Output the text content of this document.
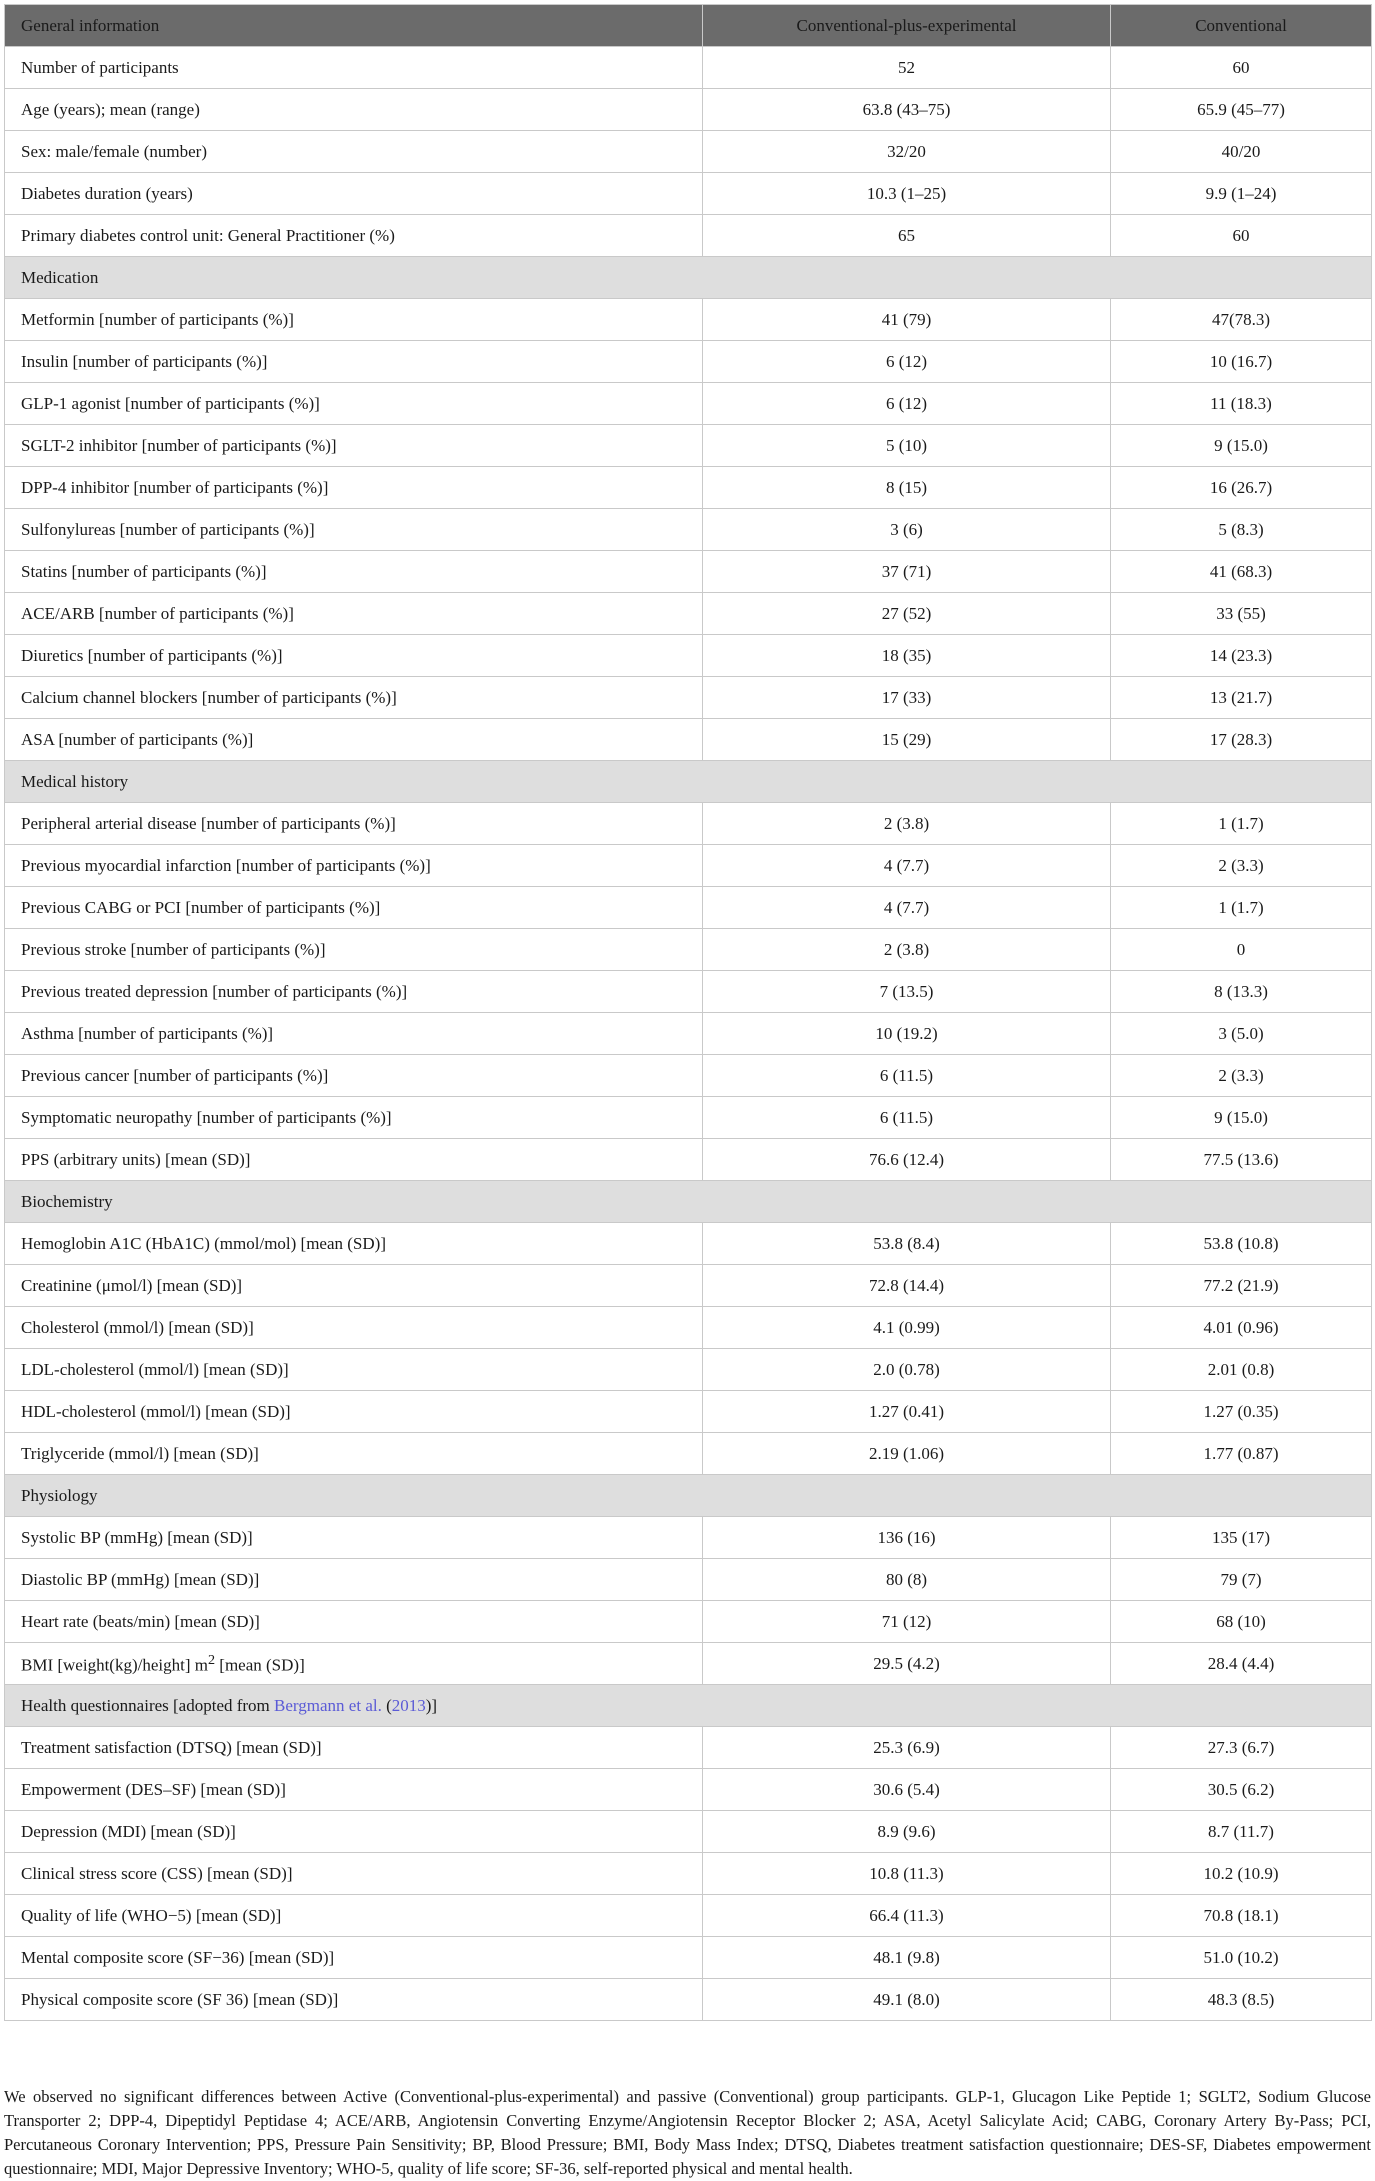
General information	Conventional-plus-experimental	Conventional
Number of participants	52	60
Age (years); mean (range)	63.8 (43–75)	65.9 (45–77)
Sex: male/female (number)	32/20	40/20
Diabetes duration (years)	10.3 (1–25)	9.9 (1–24)
Primary diabetes control unit: General Practitioner (%)	65	60
Medication		
Metformin [number of participants (%)]	41 (79)	47(78.3)
Insulin [number of participants (%)]	6 (12)	10 (16.7)
GLP-1 agonist [number of participants (%)]	6 (12)	11 (18.3)
SGLT-2 inhibitor [number of participants (%)]	5 (10)	9 (15.0)
DPP-4 inhibitor [number of participants (%)]	8 (15)	16 (26.7)
Sulfonylureas [number of participants (%)]	3 (6)	5 (8.3)
Statins [number of participants (%)]	37 (71)	41 (68.3)
ACE/ARB [number of participants (%)]	27 (52)	33 (55)
Diuretics [number of participants (%)]	18 (35)	14 (23.3)
Calcium channel blockers [number of participants (%)]	17 (33)	13 (21.7)
ASA [number of participants (%)]	15 (29)	17 (28.3)
Medical history		
Peripheral arterial disease [number of participants (%)]	2 (3.8)	1 (1.7)
Previous myocardial infarction [number of participants (%)]	4 (7.7)	2 (3.3)
Previous CABG or PCI [number of participants (%)]	4 (7.7)	1 (1.7)
Previous stroke [number of participants (%)]	2 (3.8)	0
Previous treated depression [number of participants (%)]	7 (13.5)	8 (13.3)
Asthma [number of participants (%)]	10 (19.2)	3 (5.0)
Previous cancer [number of participants (%)]	6 (11.5)	2 (3.3)
Symptomatic neuropathy [number of participants (%)]	6 (11.5)	9 (15.0)
PPS (arbitrary units) [mean (SD)]	76.6 (12.4)	77.5 (13.6)
Biochemistry		
Hemoglobin A1C (HbA1C) (mmol/mol) [mean (SD)]	53.8 (8.4)	53.8 (10.8)
Creatinine (μmol/l) [mean (SD)]	72.8 (14.4)	77.2 (21.9)
Cholesterol (mmol/l) [mean (SD)]	4.1 (0.99)	4.01 (0.96)
LDL-cholesterol (mmol/l) [mean (SD)]	2.0 (0.78)	2.01 (0.8)
HDL-cholesterol (mmol/l) [mean (SD)]	1.27 (0.41)	1.27 (0.35)
Triglyceride (mmol/l) [mean (SD)]	2.19 (1.06)	1.77 (0.87)
Physiology		
Systolic BP (mmHg) [mean (SD)]	136 (16)	135 (17)
Diastolic BP (mmHg) [mean (SD)]	80 (8)	79 (7)
Heart rate (beats/min) [mean (SD)]	71 (12)	68 (10)
BMI [weight(kg)/height] $m^2$ [mean (SD)]	29.5 (4.2)	28.4 (4.4)
Health questionnaires [adopted from Bergmann et al. (2013)]		
Treatment satisfaction (DTSQ) [mean (SD)]	25.3 (6.9)	27.3 (6.7)
Empowerment (DES–SF) [mean (SD)]	30.6 (5.4)	30.5 (6.2)
Depression (MDI) [mean (SD)]	8.9 (9.6)	8.7 (11.7)
Clinical stress score (CSS) [mean (SD)]	10.8 (11.3)	10.2 (10.9)
Quality of life (WHO−5) [mean (SD)]	66.4 (11.3)	70.8 (18.1)
Mental composite score (SF−36) [mean (SD)]	48.1 (9.8)	51.0 (10.2)
Physical composite score (SF 36) [mean (SD)]	49.1 (8.0)	48.3 (8.5)
We observed no significant differences between Active (Conventional-plus-experimental) and passive (Conventional) group participants. GLP-1, Glucagon Like Peptide 1; SGLT2, Sodium Glucose Transporter 2; DPP-4, Dipeptidyl Peptidase 4; ACE/ARB, Angiotensin Converting Enzyme/Angiotensin Receptor Blocker 2; ASA, Acetyl Salicylate Acid; CABG, Coronary Artery By-Pass; PCI, Percutaneous Coronary Intervention; PPS, Pressure Pain Sensitivity; BP, Blood Pressure; BMI, Body Mass Index; DTSQ, Diabetes treatment satisfaction questionnaire; DES-SF, Diabetes empowerment questionnaire; MDI, Major Depressive Inventory; WHO-5, quality of life score; SF-36, self-reported physical and mental health.
